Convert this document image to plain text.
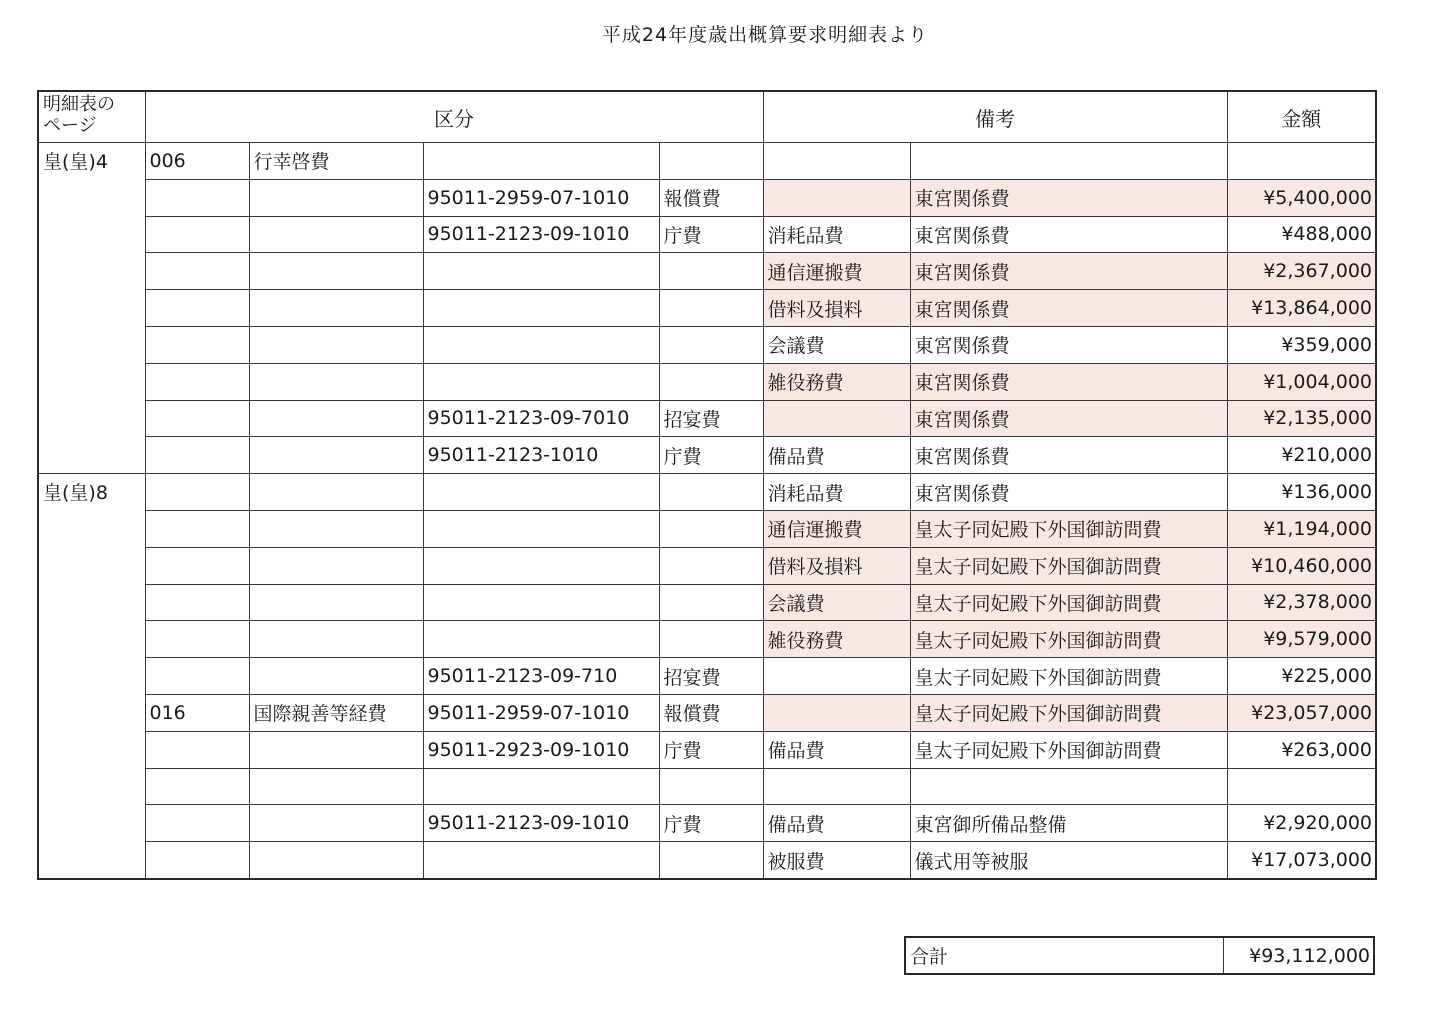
平成24年度歳出概算要求明細表より
明細表の
ページ	区分				備考		金額
皇(皇)4	006	行幸啓費					
			95011-2959-07-1010	報償費		東宮関係費	¥5,400,000
			95011-2123-09-1010	庁費	消耗品費	東宮関係費	¥488,000
					通信運搬費	東宮関係費	¥2,367,000
					借料及損料	東宮関係費	¥13,864,000
					会議費	東宮関係費	¥359,000
					雑役務費	東宮関係費	¥1,004,000
			95011-2123-09-7010	招宴費		東宮関係費	¥2,135,000
			95011-2123-1010	庁費	備品費	東宮関係費	¥210,000
皇(皇)8					消耗品費	東宮関係費	¥136,000
					通信運搬費	皇太子同妃殿下外国御訪問費	¥1,194,000
					借料及損料	皇太子同妃殿下外国御訪問費	¥10,460,000
					会議費	皇太子同妃殿下外国御訪問費	¥2,378,000
					雑役務費	皇太子同妃殿下外国御訪問費	¥9,579,000
			95011-2123-09-710	招宴費		皇太子同妃殿下外国御訪問費	¥225,000
	016	国際親善等経費	95011-2959-07-1010	報償費		皇太子同妃殿下外国御訪問費	¥23,057,000
			95011-2923-09-1010	庁費	備品費	皇太子同妃殿下外国御訪問費	¥263,000

			95011-2123-09-1010	庁費	備品費	東宮御所備品整備	¥2,920,000
					被服費	儀式用等被服	¥17,073,000
合計	¥93,112,000
